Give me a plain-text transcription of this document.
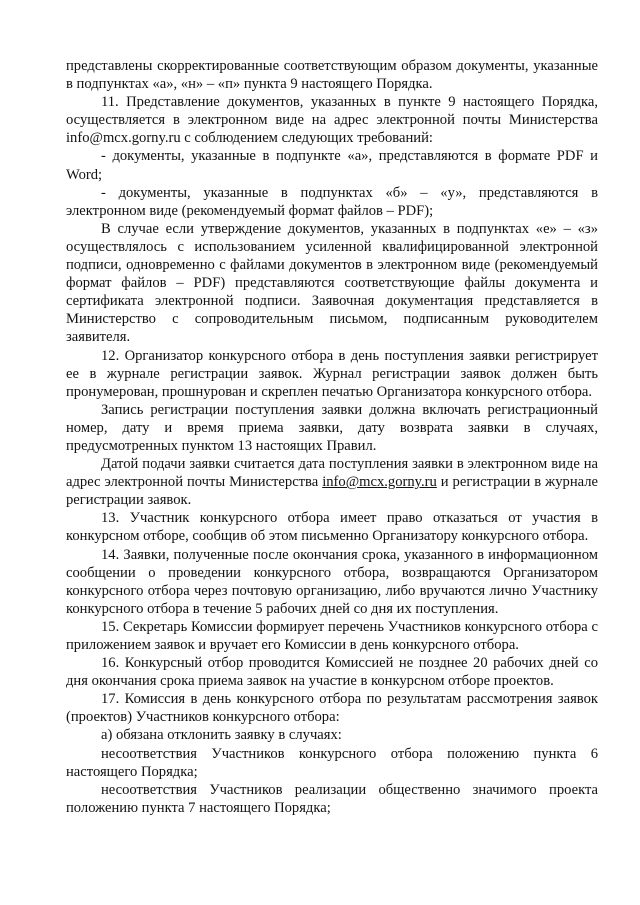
представлены скорректированные соответствующим образом документы, указанные в подпунктах «а», «н» – «п» пункта 9 настоящего Порядка.

11. Представление документов, указанных в пункте 9 настоящего Порядка, осуществляется в электронном виде на адрес электронной почты Министерства info@mcx.gorny.ru с соблюдением следующих требований:

- документы, указанные в подпункте «а», представляются в формате PDF и Word;

- документы, указанные в подпунктах «б» – «у», представляются в электронном виде (рекомендуемый формат файлов – PDF);

В случае если утверждение документов, указанных в подпунктах «е» – «з» осуществлялось с использованием усиленной квалифицированной электронной подписи, одновременно с файлами документов в электронном виде (рекомендуемый формат файлов – PDF) представляются соответствующие файлы документа и сертификата электронной подписи. Заявочная документация представляется в Министерство с сопроводительным письмом, подписанным руководителем заявителя.

12. Организатор конкурсного отбора в день поступления заявки регистрирует ее в журнале регистрации заявок. Журнал регистрации заявок должен быть пронумерован, прошнурован и скреплен печатью Организатора конкурсного отбора.

Запись регистрации поступления заявки должна включать регистрационный номер, дату и время приема заявки, дату возврата заявки в случаях, предусмотренных пунктом 13 настоящих Правил.

Датой подачи заявки считается дата поступления заявки в электронном виде на адрес электронной почты Министерства info@mcx.gorny.ru и регистрации в журнале регистрации заявок.

13. Участник конкурсного отбора имеет право отказаться от участия в конкурсном отборе, сообщив об этом письменно Организатору конкурсного отбора.

14. Заявки, полученные после окончания срока, указанного в информационном сообщении о проведении конкурсного отбора, возвращаются Организатором конкурсного отбора через почтовую организацию, либо вручаются лично Участнику конкурсного отбора в течение 5 рабочих дней со дня их поступления.

15. Секретарь Комиссии формирует перечень Участников конкурсного отбора с приложением заявок и вручает его Комиссии в день конкурсного отбора.

16. Конкурсный отбор проводится Комиссией не позднее 20 рабочих дней со дня окончания срока приема заявок на участие в конкурсном отборе проектов.

17. Комиссия в день конкурсного отбора по результатам рассмотрения заявок (проектов) Участников конкурсного отбора:

а) обязана отклонить заявку в случаях:

несоответствия Участников конкурсного отбора положению пункта 6 настоящего Порядка;

несоответствия Участников реализации общественно значимого проекта положению пункта 7 настоящего Порядка;
